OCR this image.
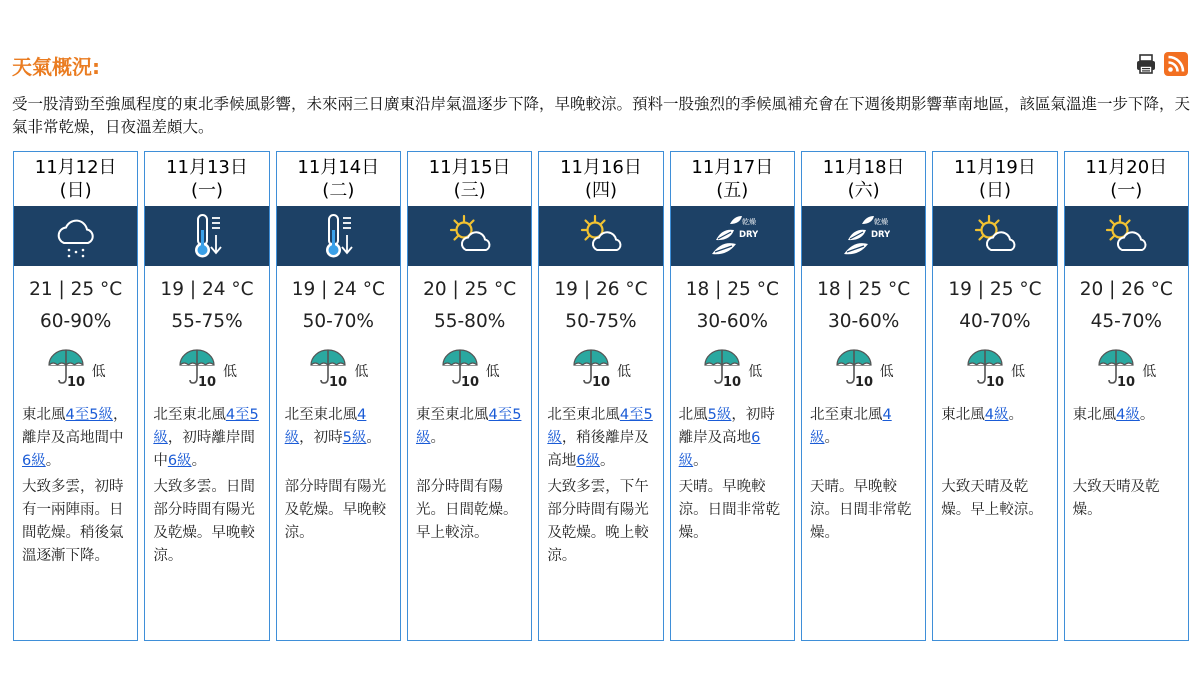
天氣概況:
受一股清勁至強風程度的東北季候風影響，未來兩三日廣東沿岸氣溫逐步下降，早晚較涼。預料一股強烈的季候風補充會在下週後期影響華南地區，該區氣溫進一步下降，天氣非常乾燥，日夜溫差頗大。
11月12日
(日)
21 | 25 °C
60-90%
10
低
東北風4至5級，離岸及高地間中6級。
大致多雲，初時有一兩陣雨。日間乾燥。稍後氣溫逐漸下降。
11月13日
(一)
19 | 24 °C
55-75%
10
低
北至東北風4至5級，初時離岸間中6級。
大致多雲。日間部分時間有陽光及乾燥。早晚較涼。
11月14日
(二)
19 | 24 °C
50-70%
10
低
北至東北風4級，初時5級。
部分時間有陽光及乾燥。早晚較涼。
11月15日
(三)
20 | 25 °C
55-80%
10
低
東至東北風4至5級。
部分時間有陽光。日間乾燥。早上較涼。
11月16日
(四)
19 | 26 °C
50-75%
10
低
北至東北風4至5級，稍後離岸及高地6級。
大致多雲，下午部分時間有陽光及乾燥。晚上較涼。
11月17日
(五)
乾燥
DRY
18 | 25 °C
30-60%
10
低
北風5級，初時離岸及高地6級。
天晴。早晚較涼。日間非常乾燥。
11月18日
(六)
乾燥
DRY
18 | 25 °C
30-60%
10
低
北至東北風4級。
天晴。早晚較涼。日間非常乾燥。
11月19日
(日)
19 | 25 °C
40-70%
10
低
東北風4級。
大致天晴及乾燥。早上較涼。
11月20日
(一)
20 | 26 °C
45-70%
10
低
東北風4級。
大致天晴及乾燥。
